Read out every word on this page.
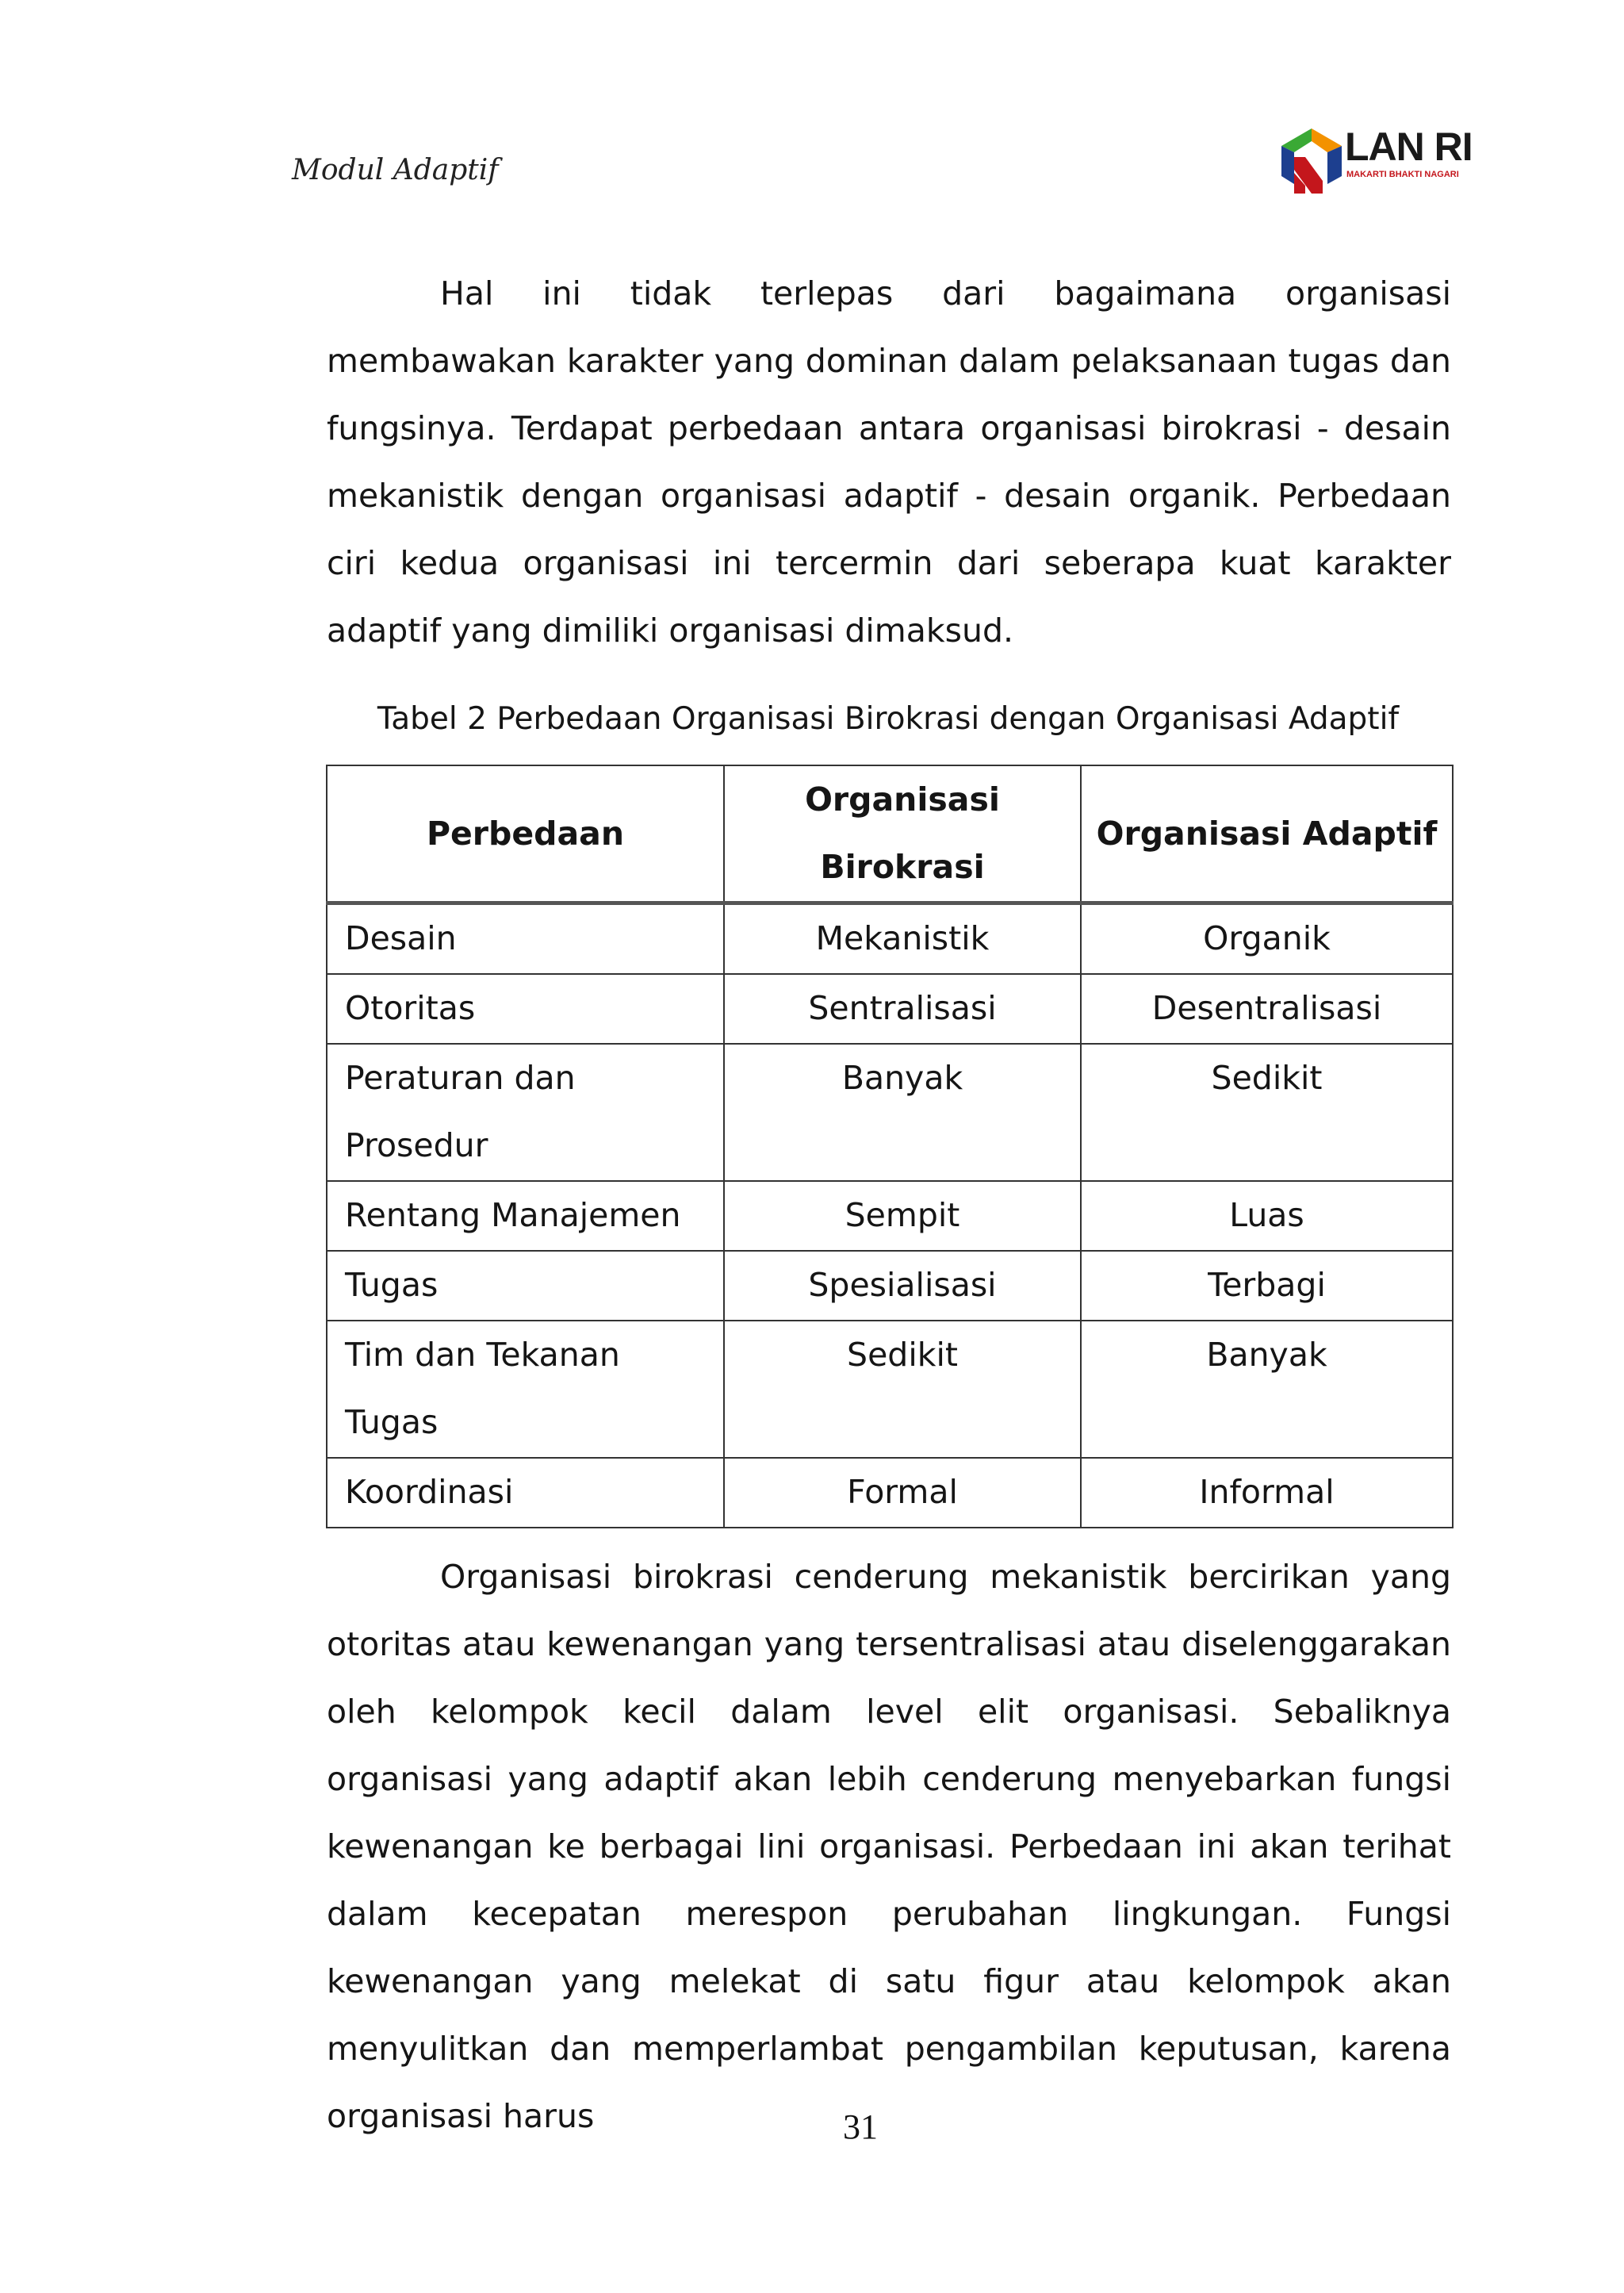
Modul Adaptif
LAN RI
MAKARTI BHAKTI NAGARI

Hal ini tidak terlepas dari bagaimana organisasi membawakan karakter yang dominan dalam pelaksanaan tugas dan fungsinya. Terdapat perbedaan antara organisasi birokrasi - desain mekanistik dengan organisasi adaptif - desain organik. Perbedaan ciri kedua organisasi ini tercermin dari seberapa kuat karakter adaptif yang dimiliki organisasi dimaksud.

Tabel 2 Perbedaan Organisasi Birokrasi dengan Organisasi Adaptif
Perbedaan	Organisasi Birokrasi	Organisasi Adaptif
Desain	Mekanistik	Organik
Otoritas	Sentralisasi	Desentralisasi
Peraturan dan Prosedur	Banyak	Sedikit
Rentang Manajemen	Sempit	Luas
Tugas	Spesialisasi	Terbagi
Tim dan Tekanan Tugas	Sedikit	Banyak
Koordinasi	Formal	Informal

Organisasi birokrasi cenderung mekanistik bercirikan yang otoritas atau kewenangan yang tersentralisasi atau diselenggarakan oleh kelompok kecil dalam level elit organisasi. Sebaliknya organisasi yang adaptif akan lebih cenderung menyebarkan fungsi kewenangan ke berbagai lini organisasi. Perbedaan ini akan terihat dalam kecepatan merespon perubahan lingkungan. Fungsi kewenangan yang melekat di satu figur atau kelompok akan menyulitkan dan memperlambat pengambilan keputusan, karena organisasi harus	31
